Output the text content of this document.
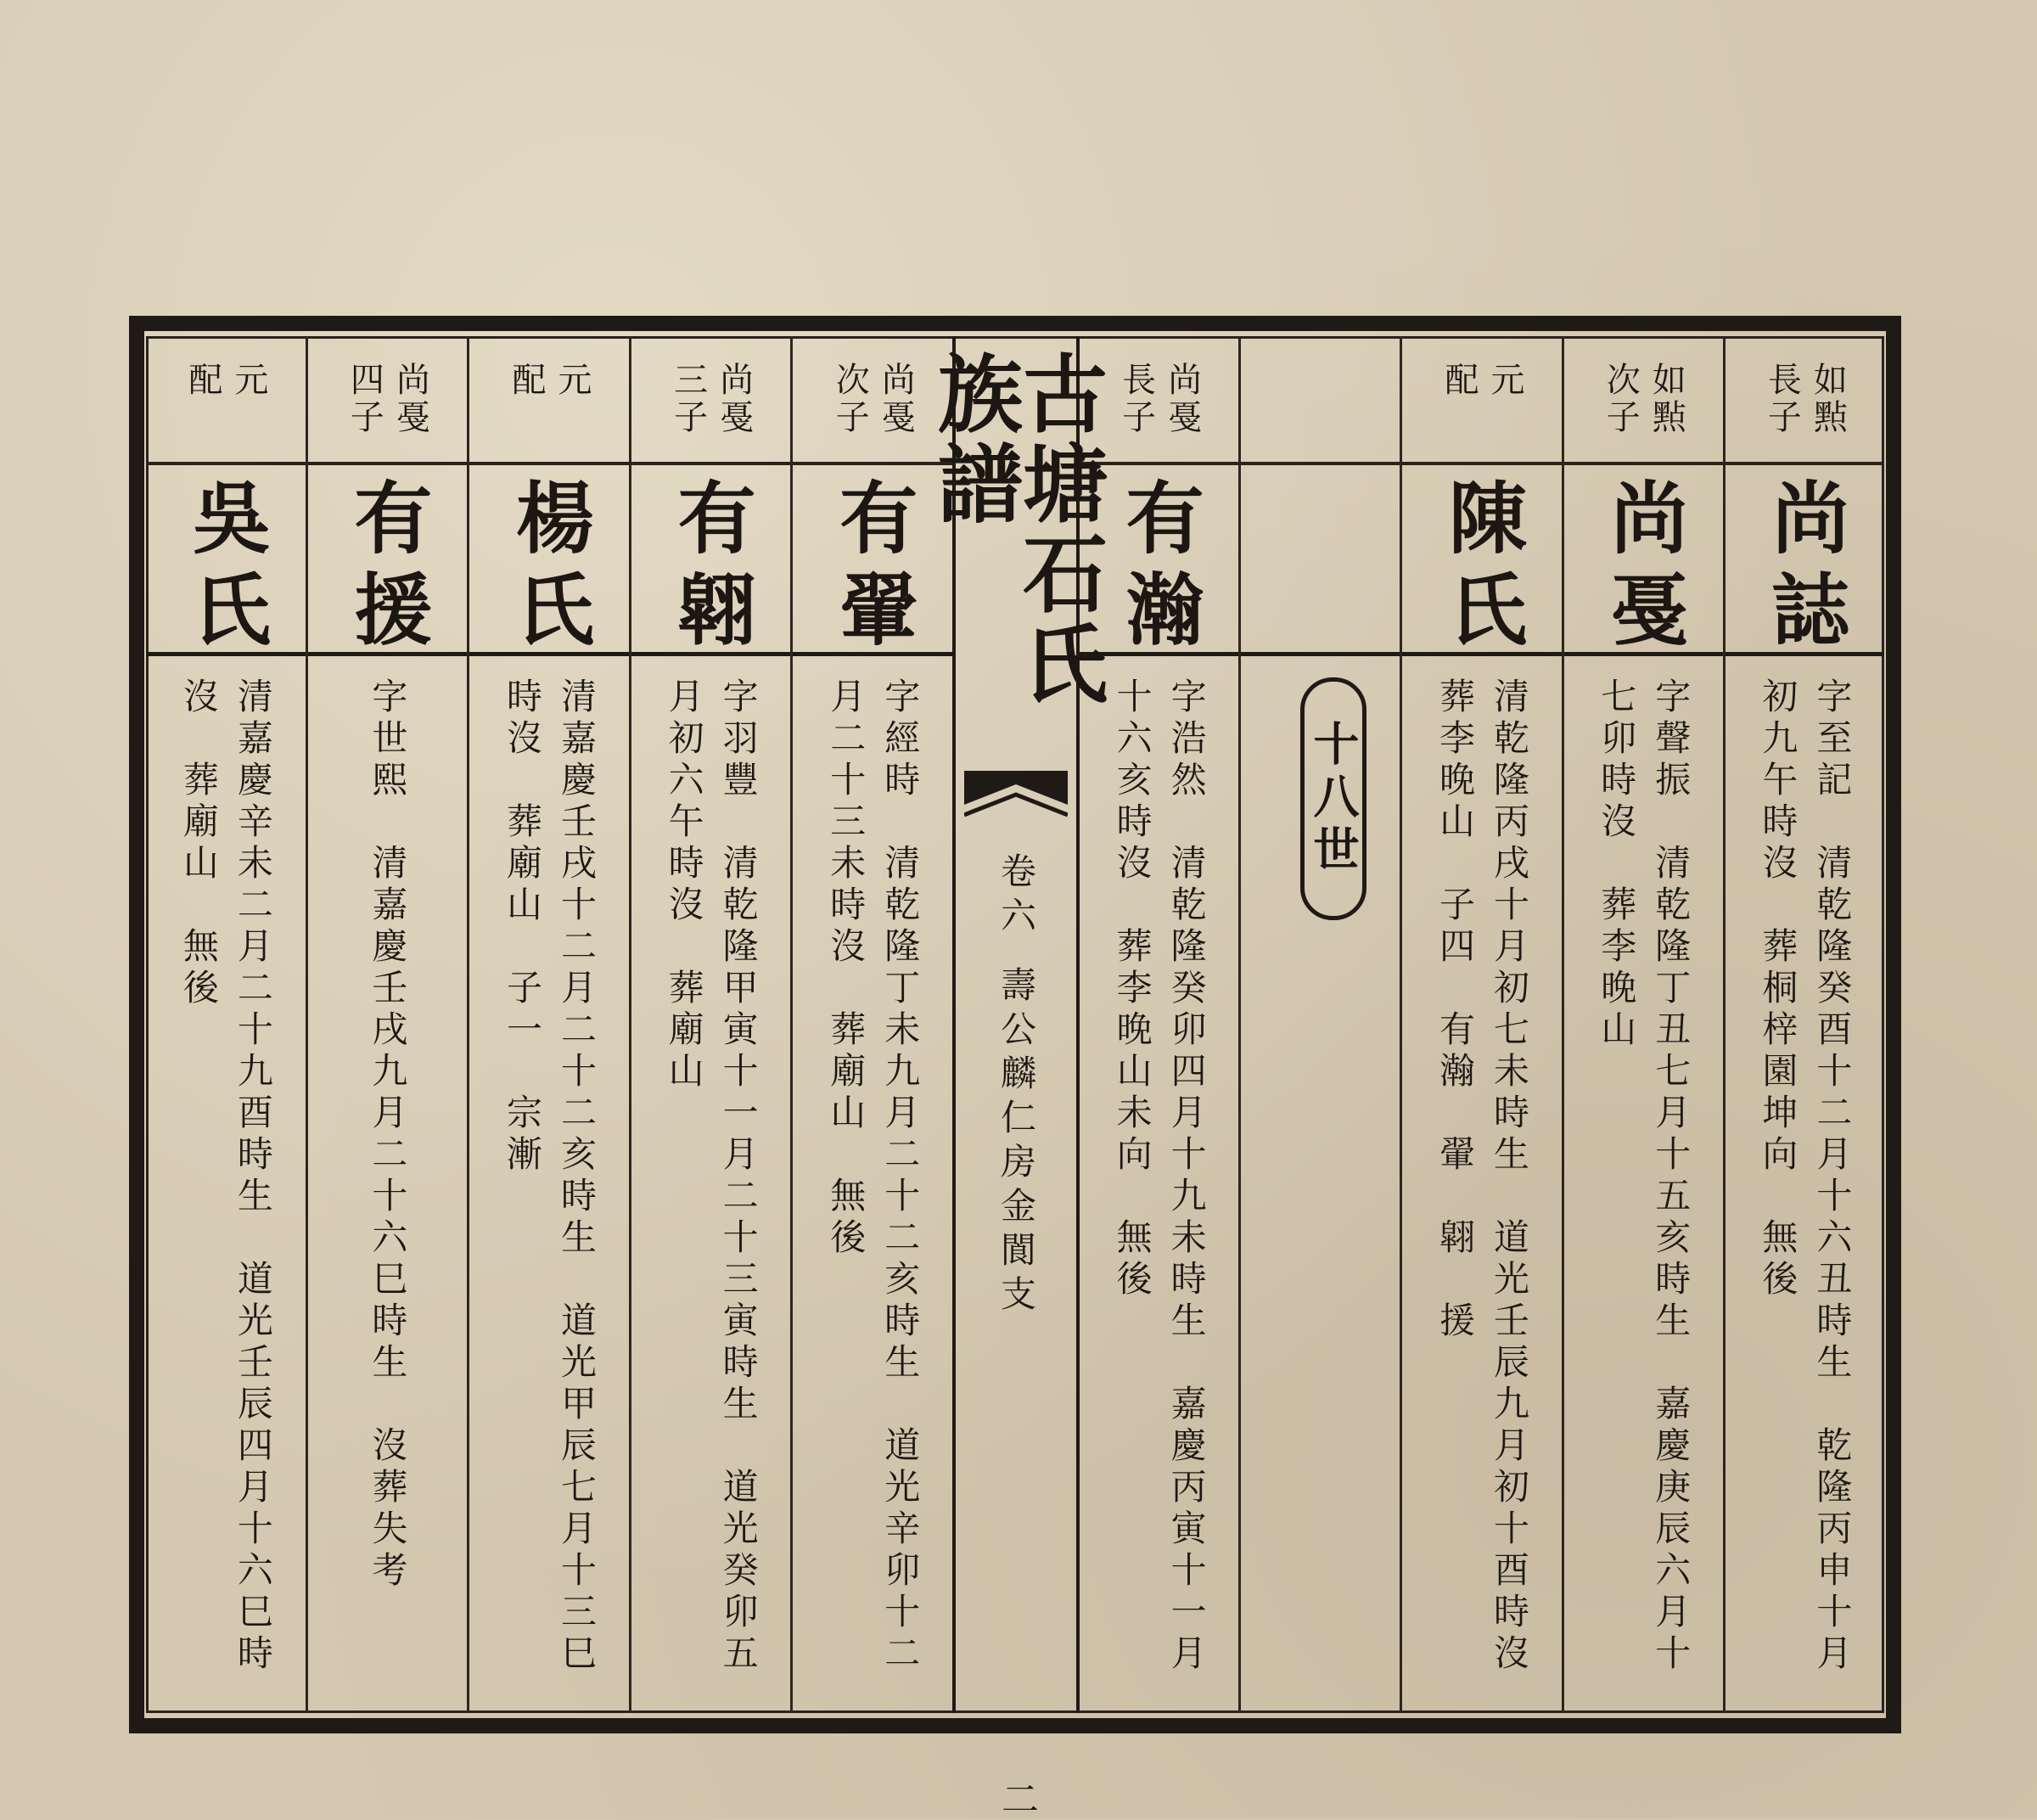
如㸃
長子
尚誌
字至記　清乾隆癸酉十二月十六丑時生　乾隆丙申十月
初九午時沒　葬桐梓園坤向　無後
如㸃
次子
尚戞
字聲振　清乾隆丁丑七月十五亥時生　嘉慶庚辰六月十
七卯時沒　葬李晚山
元
配
陳氏
清乾隆丙戌十月初七未時生　道光壬辰九月初十酉時沒
葬李晚山　子四　有瀚　翬　翶　援
尚戞
長子
有瀚
字浩然　清乾隆癸卯四月十九未時生　嘉慶丙寅十一月
十六亥時沒　葬李晚山未向　無後	十八世
古塘石氏族譜
卷六
壽公麟仁房金閬支
二
尚戞
次子
有翬
字經時　清乾隆丁未九月二十二亥時生　道光辛卯十二
月二十三未時沒　葬廟山　無後
尚戞
三子
有翶
字羽豐　清乾隆甲寅十一月二十三寅時生　道光癸卯五
月初六午時沒　葬廟山
元
配
楊氏
清嘉慶壬戌十二月二十二亥時生　道光甲辰七月十三巳
時沒　葬廟山　子一　宗漸
尚戞
四子
有援
字世熙　清嘉慶壬戌九月二十六巳時生　沒葬失考
元
配
吳氏
清嘉慶辛未二月二十九酉時生　道光壬辰四月十六巳時
沒　葬廟山　無後
